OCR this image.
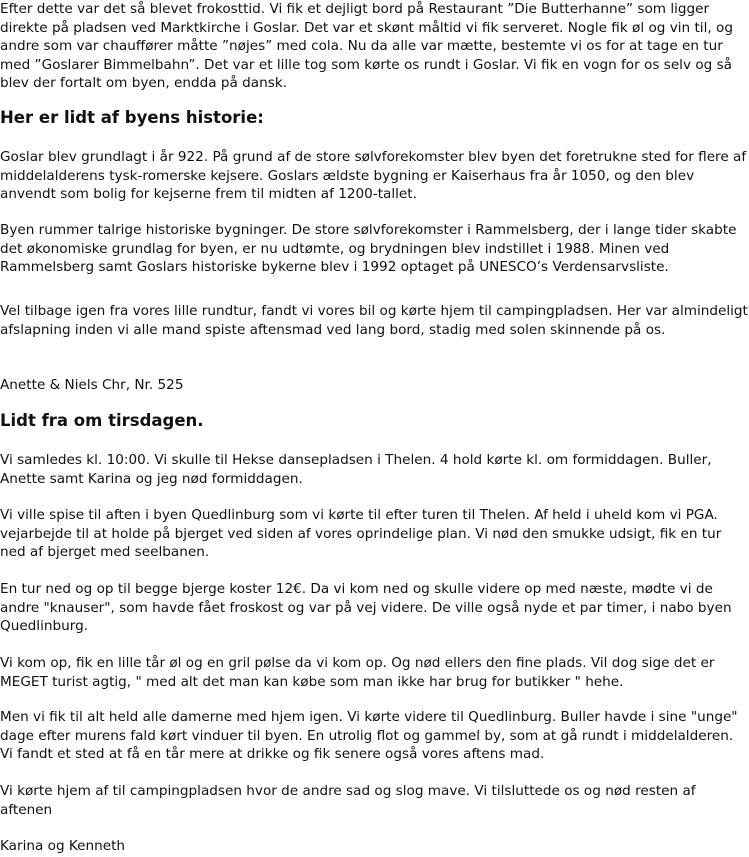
Efter dette var det så blevet frokosttid. Vi fik et dejligt bord på Restaurant ”Die Butterhanne” som ligger direkte på pladsen ved Marktkirche i Goslar. Det var et skønt måltid vi fik serveret. Nogle fik øl og vin til, og andre som var chauffører måtte ”nøjes” med cola. Nu da alle var mætte, bestemte vi os for at tage en tur med ”Goslarer Bimmelbahn”. Det var et lille tog som kørte os rundt i Goslar. Vi fik en vogn for os selv og så blev der fortalt om byen, endda på dansk.

Her er lidt af byens historie:

Goslar blev grundlagt i år 922. På grund af de store sølvforekomster blev byen det foretrukne sted for flere af middelalderens tysk-romerske kejsere. Goslars ældste bygning er Kaiserhaus fra år 1050, og den blev anvendt som bolig for kejserne frem til midten af 1200-tallet.

Byen rummer talrige historiske bygninger. De store sølvforekomster i Rammelsberg, der i lange tider skabte det økonomiske grundlag for byen, er nu udtømte, og brydningen blev indstillet i 1988. Minen ved Rammelsberg samt Goslars historiske bykerne blev i 1992 optaget på UNESCO’s Verdensarvsliste.

Vel tilbage igen fra vores lille rundtur, fandt vi vores bil og kørte hjem til campingpladsen. Her var almindeligt afslapning inden vi alle mand spiste aftensmad ved lang bord, stadig med solen skinnende på os.

Anette & Niels Chr, Nr. 525

Lidt fra om tirsdagen.

Vi samledes kl. 10:00. Vi skulle til Hekse dansepladsen i Thelen. 4 hold kørte kl. om formiddagen. Buller, Anette samt Karina og jeg nød formiddagen.

Vi ville spise til aften i byen Quedlinburg som vi kørte til efter turen til Thelen. Af held i uheld kom vi PGA. vejarbejde til at holde på bjerget ved siden af vores oprindelige plan. Vi nød den smukke udsigt, fik en tur ned af bjerget med seelbanen.

En tur ned og op til begge bjerge koster 12€. Da vi kom ned og skulle videre op med næste, mødte vi de andre "knauser", som havde fået froskost og var på vej videre. De ville også nyde et par timer, i nabo byen Quedlinburg.

Vi kom op, fik en lille tår øl og en gril pølse da vi kom op. Og nød ellers den fine plads. Vil dog sige det er MEGET turist agtig, " med alt det man kan købe som man ikke har brug for butikker " hehe.

Men vi fik til alt held alle damerne med hjem igen. Vi kørte videre til Quedlinburg. Buller havde i sine "unge" dage efter murens fald kørt vinduer til byen. En utrolig flot og gammel by, som at gå rundt i middelalderen. Vi fandt et sted at få en tår mere at drikke og fik senere også vores aftens mad.

Vi kørte hjem af til campingpladsen hvor de andre sad og slog mave. Vi tilsluttede os og nød resten af aftenen

Karina og Kenneth
